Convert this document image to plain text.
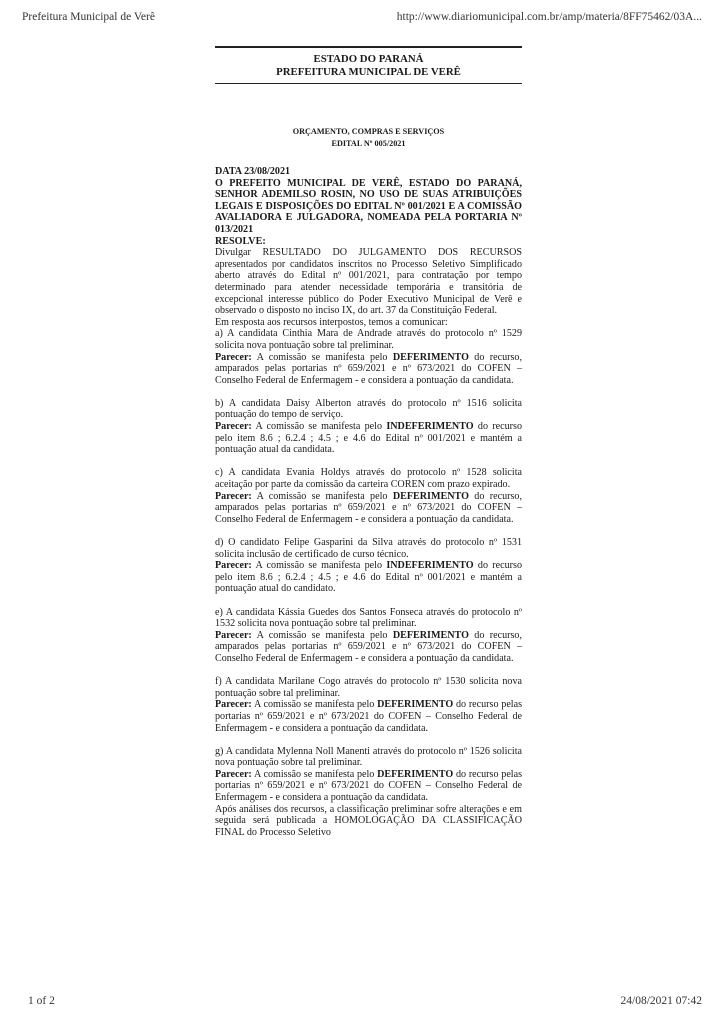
Prefeitura Municipal de Verê	http://www.diariomunicipal.com.br/amp/materia/8FF75462/03A...
ESTADO DO PARANÁ
PREFEITURA MUNICIPAL DE VERÊ
ORÇAMENTO, COMPRAS E SERVIÇOS
EDITAL Nº 005/2021

DATA 23/08/2021

O PREFEITO MUNICIPAL DE VERÊ, ESTADO DO PARANÁ, SENHOR ADEMILSO ROSIN, NO USO DE SUAS ATRIBUIÇÕES LEGAIS E DISPOSIÇÕES DO EDITAL Nº 001/2021 E A COMISSÃO AVALIADORA E JULGADORA, NOMEADA PELA PORTARIA Nº 013/2021

RESOLVE:

Divulgar RESULTADO DO JULGAMENTO DOS RECURSOS apresentados por candidatos inscritos no Processo Seletivo Simplificado aberto através do Edital nº 001/2021, para contratação por tempo determinado para atender necessidade temporária e transitória de excepcional interesse público do Poder Executivo Municipal de Verê e observado o disposto no inciso IX, do art. 37 da Constituição Federal.

Em resposta aos recursos interpostos, temos a comunicar:

a) A candidata Cinthia Mara de Andrade através do protocolo nº 1529 solicita nova pontuação sobre tal preliminar.

Parecer: A comissão se manifesta pelo DEFERIMENTO do recurso, amparados pelas portarias nº 659/2021 e nº 673/2021 do COFEN – Conselho Federal de Enfermagem - e considera a pontuação da candidata.

b) A candidata Daisy Alberton através do protocolo nº 1516 solicita pontuação do tempo de serviço.

Parecer: A comissão se manifesta pelo INDEFERIMENTO do recurso pelo item 8.6 ; 6.2.4 ; 4.5 ; e 4.6 do Edital nº 001/2021 e mantém a pontuação atual da candidata.

c) A candidata Evania Holdys através do protocolo nº 1528 solicita aceitação por parte da comissão da carteira COREN com prazo expirado.

Parecer: A comissão se manifesta pelo DEFERIMENTO do recurso, amparados pelas portarias nº 659/2021 e nº 673/2021 do COFEN – Conselho Federal de Enfermagem - e considera a pontuação da candidata.

d) O candidato Felipe Gasparini da Silva através do protocolo nº 1531 solicita inclusão de certificado de curso técnico.

Parecer: A comissão se manifesta pelo INDEFERIMENTO do recurso pelo item 8.6 ; 6.2.4 ; 4.5 ; e 4.6 do Edital nº 001/2021 e mantém a pontuação atual do candidato.

e) A candidata Kássia Guedes dos Santos Fonseca através do protocolo nº 1532 solicita nova pontuação sobre tal preliminar.

Parecer: A comissão se manifesta pelo DEFERIMENTO do recurso, amparados pelas portarias nº 659/2021 e nº 673/2021 do COFEN – Conselho Federal de Enfermagem - e considera a pontuação da candidata.

f) A candidata Marilane Cogo através do protocolo nº 1530 solicita nova pontuação sobre tal preliminar.

Parecer: A comissão se manifesta pelo DEFERIMENTO do recurso pelas portarias nº 659/2021 e nº 673/2021 do COFEN – Conselho Federal de Enfermagem - e considera a pontuação da candidata.

g) A candidata Mylenna Noll Manenti através do protocolo nº 1526 solicita nova pontuação sobre tal preliminar.

Parecer: A comissão se manifesta pelo DEFERIMENTO do recurso pelas portarias nº 659/2021 e nº 673/2021 do COFEN – Conselho Federal de Enfermagem - e considera a pontuação da candidata.

Após análises dos recursos, a classificação preliminar sofre alterações e em seguida será publicada a HOMOLOGAÇÃO DA CLASSIFICAÇÃO FINAL do Processo Seletivo

1 of 2	24/08/2021 07:42
